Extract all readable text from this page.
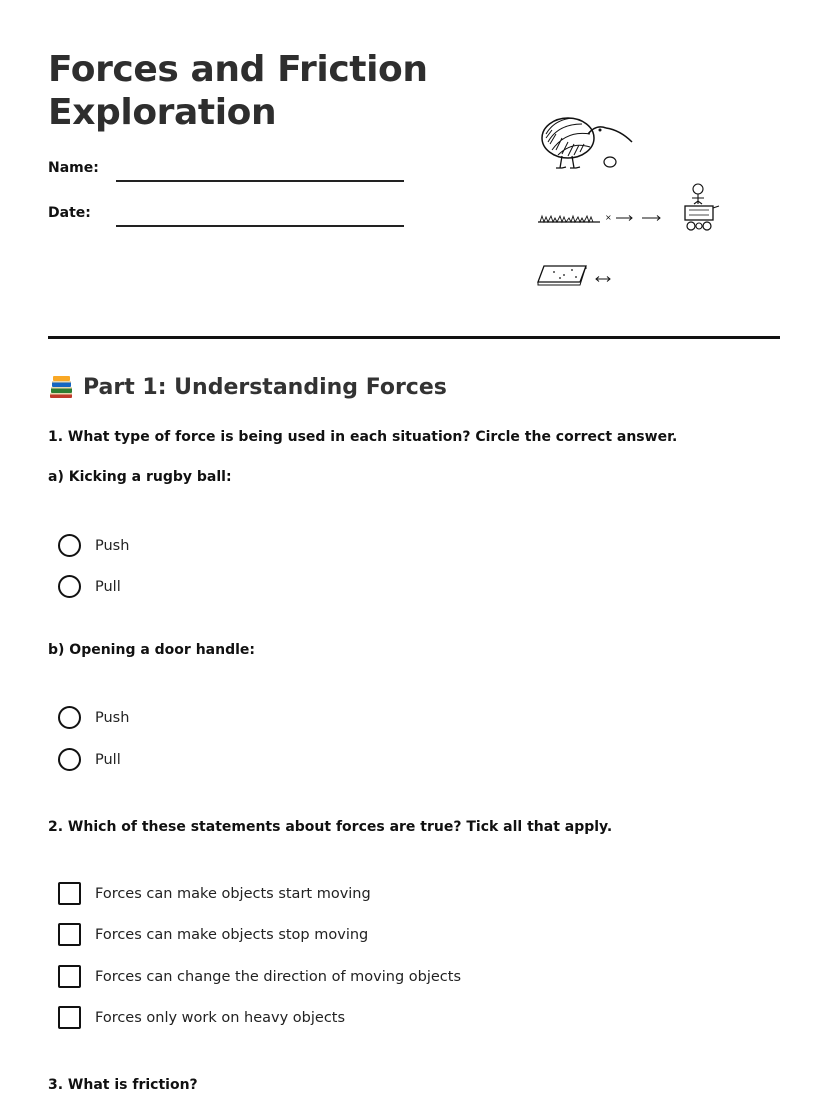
Forces and Friction
Exploration
Name:
Date:	×
Part 1: Understanding Forces
1. What type of force is being used in each situation? Circle the correct answer.
a) Kicking a rugby ball:
Push
Pull
b) Opening a door handle:
Push
Pull
2. Which of these statements about forces are true? Tick all that apply.
Forces can make objects start moving
Forces can make objects stop moving
Forces can change the direction of moving objects
Forces only work on heavy objects
3. What is friction?
